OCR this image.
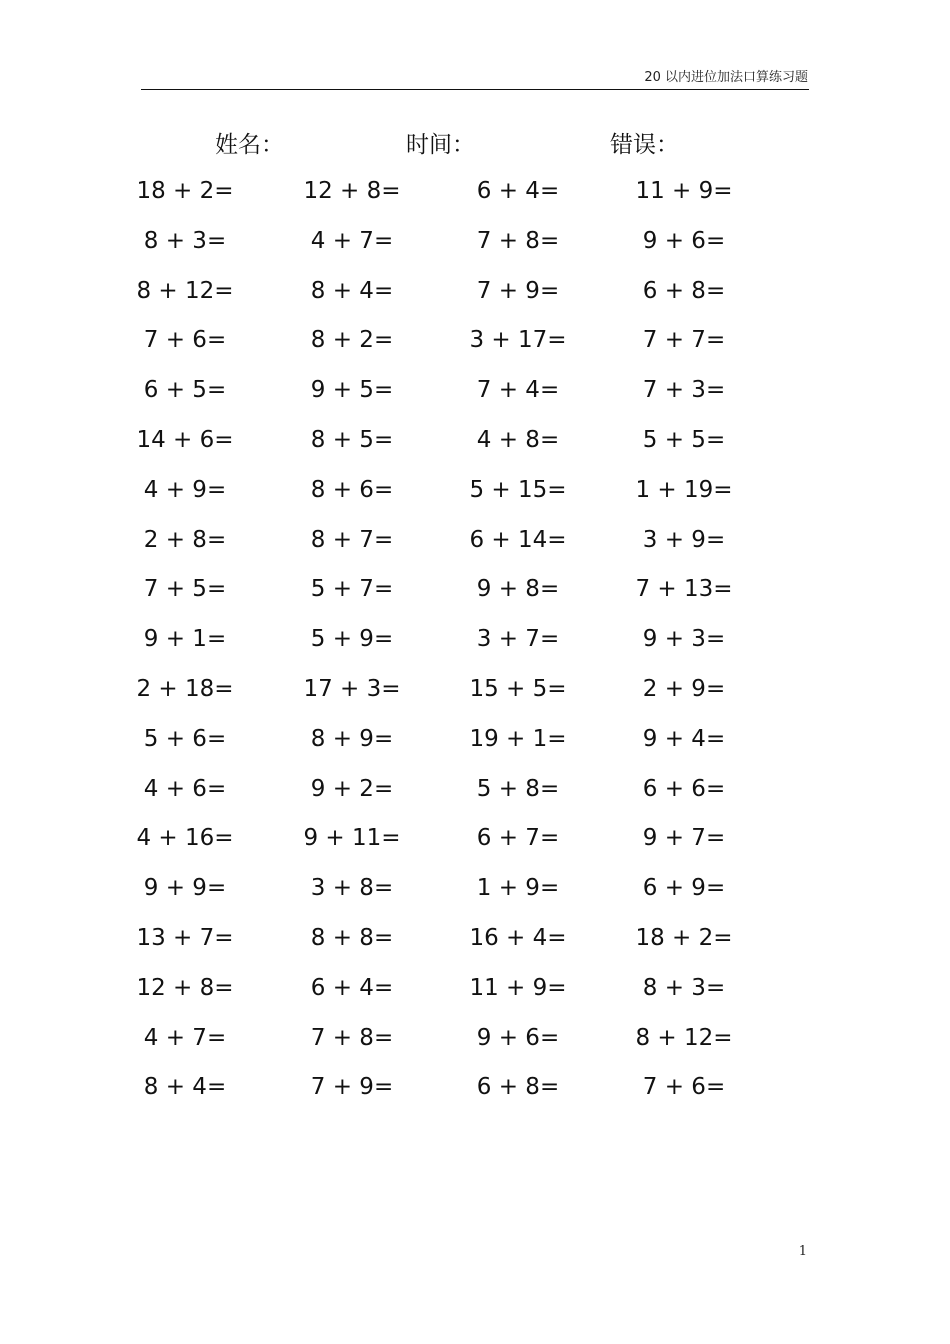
20 以内进位加法口算练习题
姓名：	时间：	错误：
18 + 2=	12 + 8=	6 + 4=	11 + 9=
8 + 3=	4 + 7=	7 + 8=	9 + 6=
8 + 12=	8 + 4=	7 + 9=	6 + 8=
7 + 6=	8 + 2=	3 + 17=	7 + 7=
6 + 5=	9 + 5=	7 + 4=	7 + 3=
14 + 6=	8 + 5=	4 + 8=	5 + 5=
4 + 9=	8 + 6=	5 + 15=	1 + 19=
2 + 8=	8 + 7=	6 + 14=	3 + 9=
7 + 5=	5 + 7=	9 + 8=	7 + 13=
9 + 1=	5 + 9=	3 + 7=	9 + 3=
2 + 18=	17 + 3=	15 + 5=	2 + 9=
5 + 6=	8 + 9=	19 + 1=	9 + 4=
4 + 6=	9 + 2=	5 + 8=	6 + 6=
4 + 16=	9 + 11=	6 + 7=	9 + 7=
9 + 9=	3 + 8=	1 + 9=	6 + 9=
13 + 7=	8 + 8=	16 + 4=	18 + 2=
12 + 8=	6 + 4=	11 + 9=	8 + 3=
4 + 7=	7 + 8=	9 + 6=	8 + 12=
8 + 4=	7 + 9=	6 + 8=	7 + 6=
1
